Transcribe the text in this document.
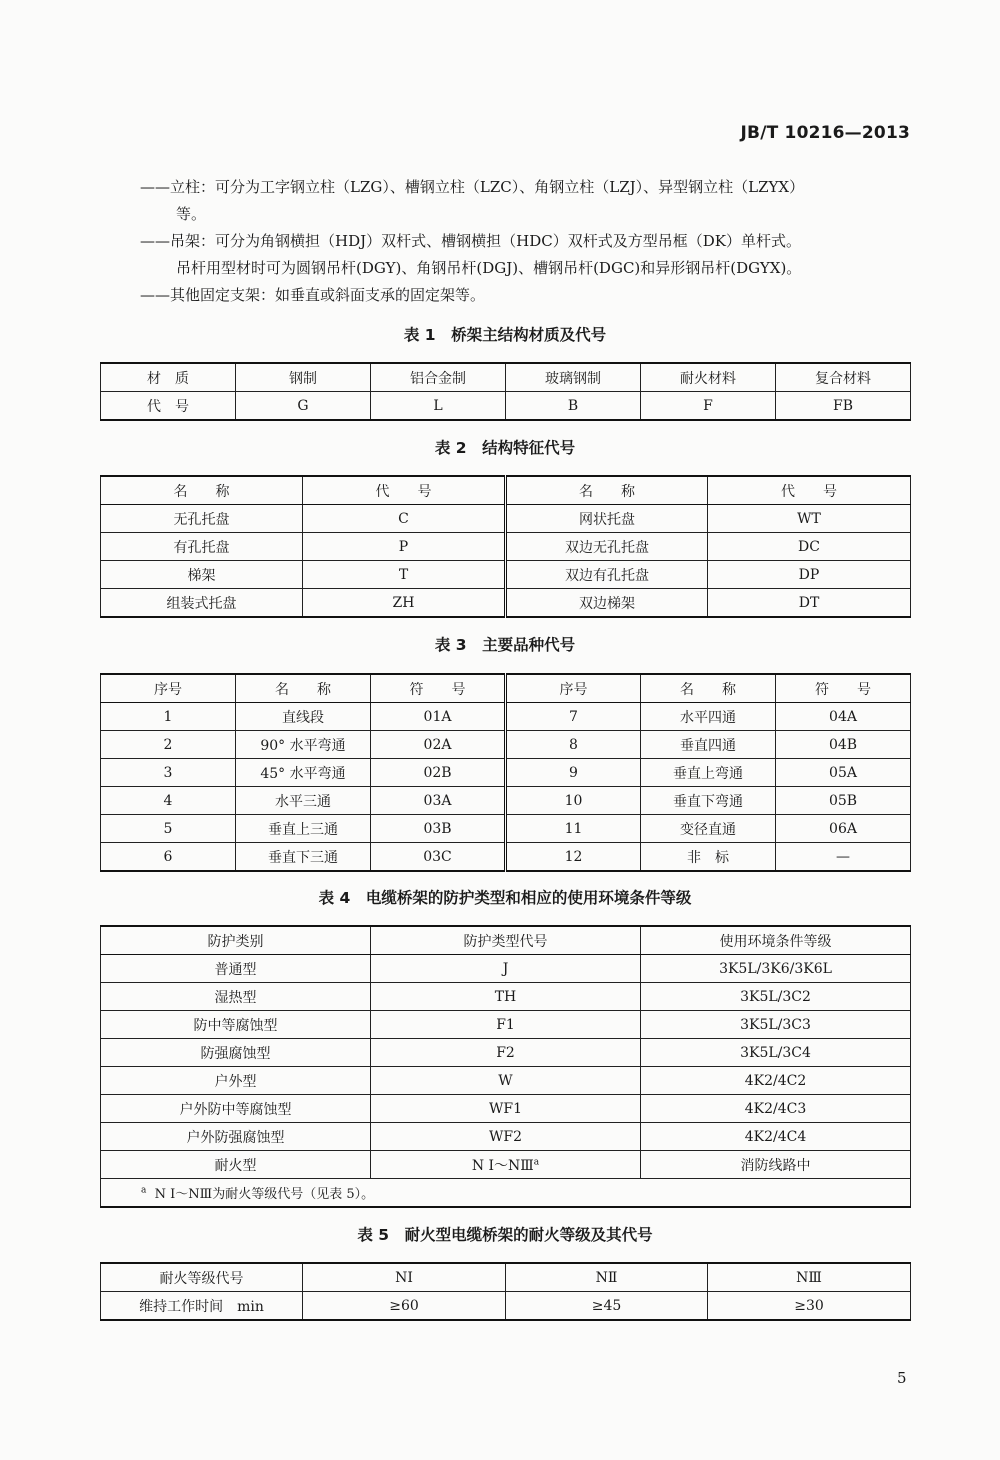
JB/T 10216—2013
——立柱：可分为工字钢立柱（LZG）、槽钢立柱（LZC）、角钢立柱（LZJ）、异型钢立柱（LZYX）
等。
——吊架：可分为角钢横担（HDJ）双杆式、槽钢横担（HDC）双杆式及方型吊框（DK）单杆式。
吊杆用型材时可为圆钢吊杆(DGY)、角钢吊杆(DGJ)、槽钢吊杆(DGC)和异形钢吊杆(DGYX)。
——其他固定支架：如垂直或斜面支承的固定架等。
表 1　桥架主结构材质及代号
材　质	钢制	铝合金制	玻璃钢制	耐火材料	复合材料
代　号	G	L	B	F	FB
表 2　结构特征代号
名　　称	代　　号	名　　称	代　　号
无孔托盘	C	网状托盘	WT
有孔托盘	P	双边无孔托盘	DC
梯架	T	双边有孔托盘	DP
组装式托盘	ZH	双边梯架	DT
表 3　主要品种代号
序号	名　　称	符　　号	序号	名　　称	符　　号
1	直线段	01A	7	水平四通	04A
2	90° 水平弯通	02A	8	垂直四通	04B
3	45° 水平弯通	02B	9	垂直上弯通	05A
4	水平三通	03A	10	垂直下弯通	05B
5	垂直上三通	03B	11	变径直通	06A
6	垂直下三通	03C	12	非　标	—
表 4　电缆桥架的防护类型和相应的使用环境条件等级
防护类别	防护类型代号	使用环境条件等级
普通型	J	3K5L/3K6/3K6L
湿热型	TH	3K5L/3C2
防中等腐蚀型	F1	3K5L/3C3
防强腐蚀型	F2	3K5L/3C4
户外型	W	4K2/4C2
户外防中等腐蚀型	WF1	4K2/4C3
户外防强腐蚀型	WF2	4K2/4C4
耐火型	N Ⅰ～NⅢ$^a$	消防线路中
$^a$ N Ⅰ～NⅢ为耐火等级代号（见表 5）。		
表 5　耐火型电缆桥架的耐火等级及其代号
耐火等级代号	NⅠ	NⅡ	NⅢ
维持工作时间　min	≥60	≥45	≥30
5
